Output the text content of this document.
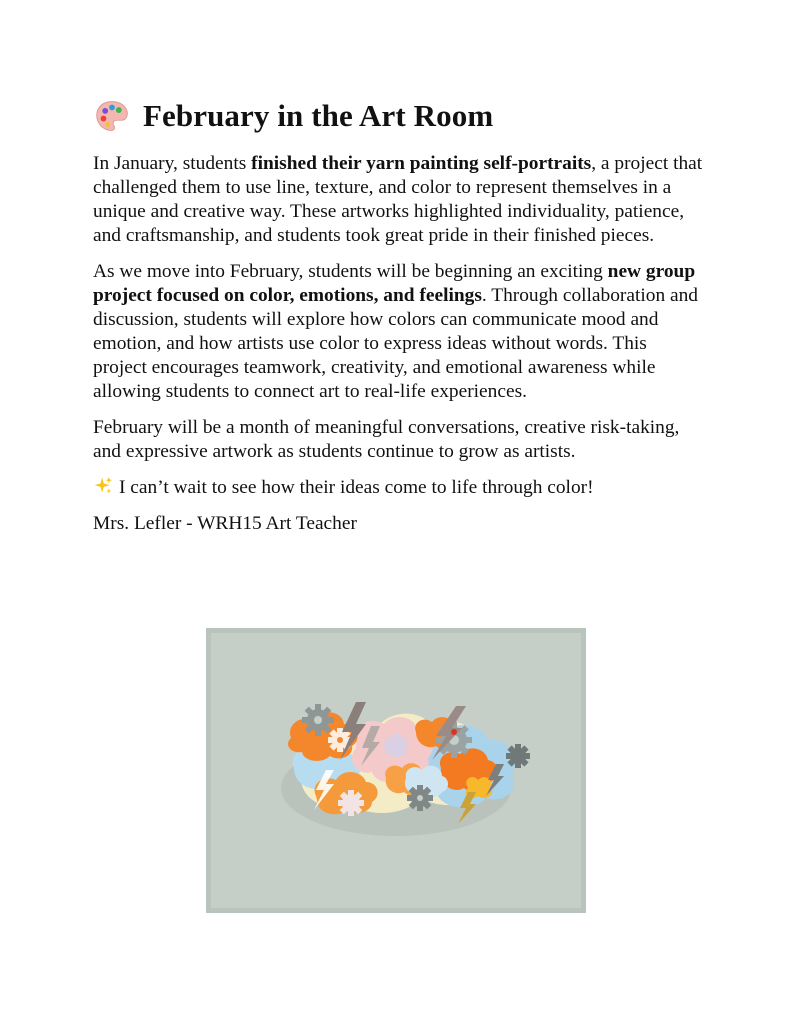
February in the Art Room

In January, students finished their yarn painting self-portraits, a project that challenged them to use line, texture, and color to represent themselves in a unique and creative way. These artworks highlighted individuality, patience, and craftsmanship, and students took great pride in their finished pieces.

As we move into February, students will be beginning an exciting new group project focused on color, emotions, and feelings. Through collaboration and discussion, students will explore how colors can communicate mood and emotion, and how artists use color to express ideas without words. This project encourages teamwork, creativity, and emotional awareness while allowing students to connect art to real-life experiences.

February will be a month of meaningful conversations, creative risk-taking, and expressive artwork as students continue to grow as artists.

I can’t wait to see how their ideas come to life through color!

Mrs. Lefler - WRH15 Art Teacher
